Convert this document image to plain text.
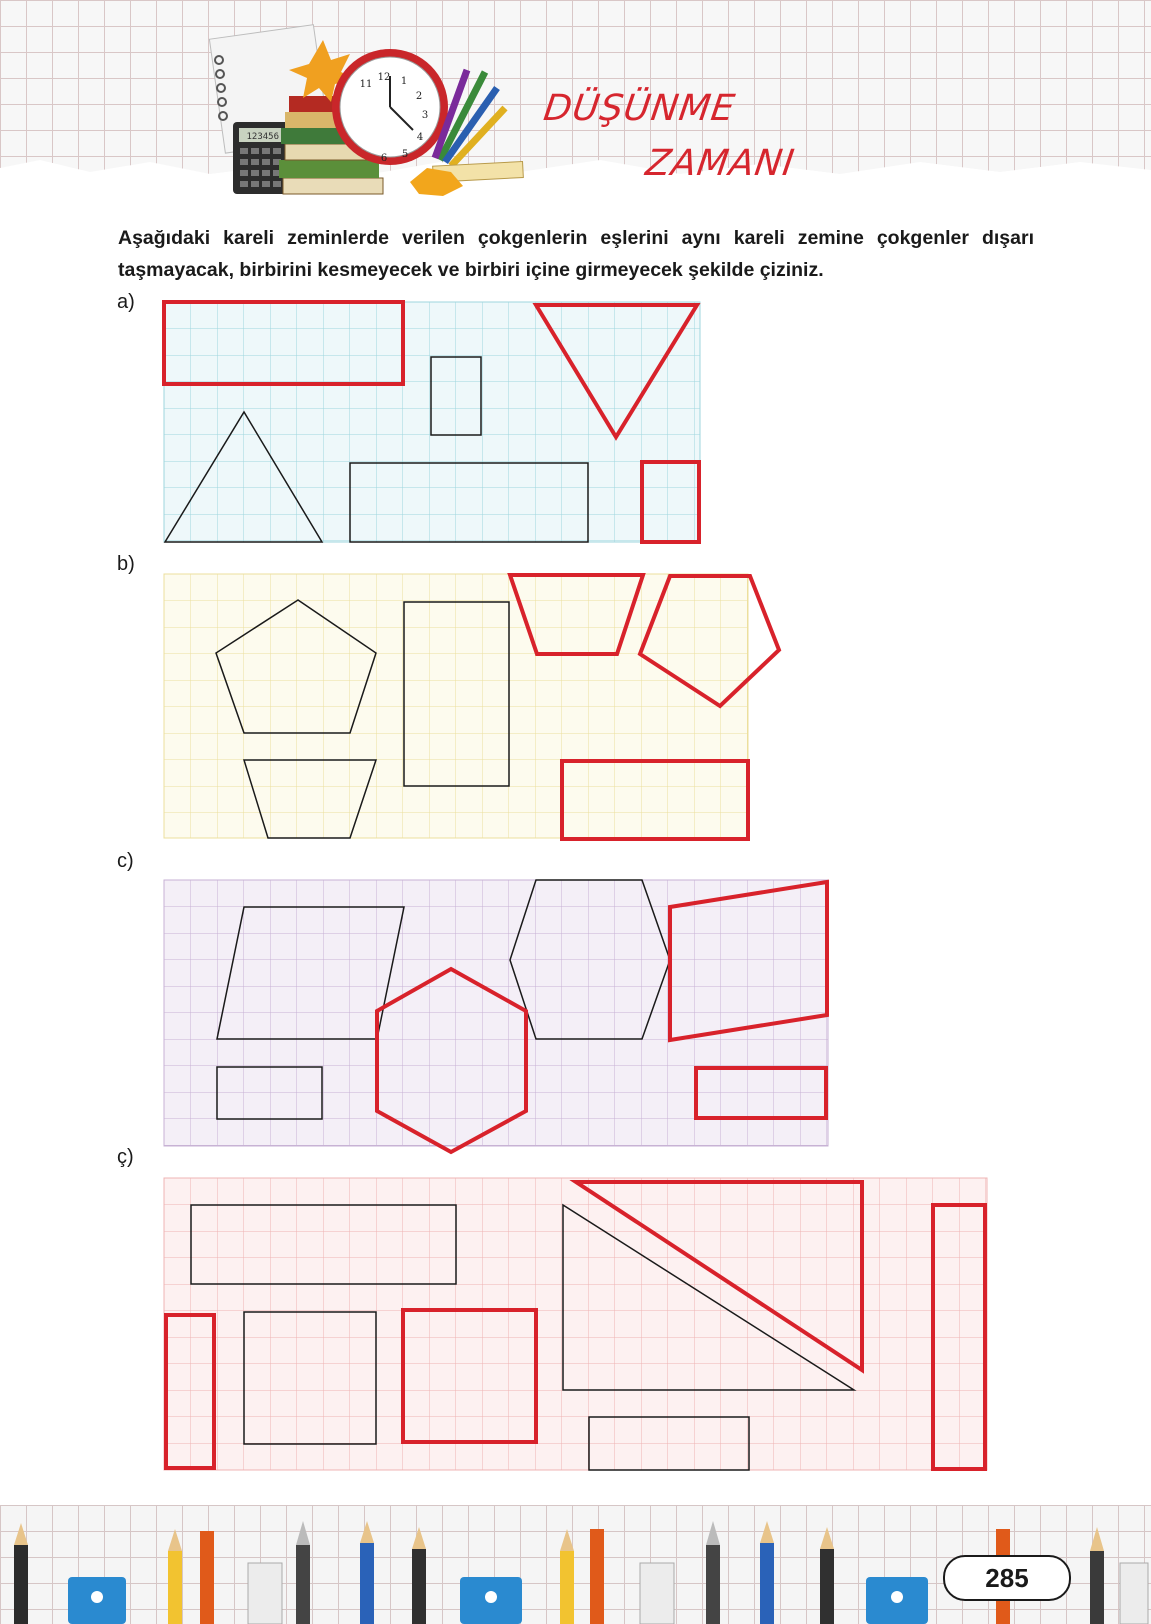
123456
12 1
2
3
4
5
6
11
DÜŞÜNME
ZAMANI

Aşağıdaki kareli zeminlerde verilen çokgenlerin eşlerini aynı kareli zemine çokgenler dışarı taşmayacak, birbirini kesmeyecek ve birbiri içine girmeyecek şekilde çiziniz.

a)
b)
c)
ç)
285
